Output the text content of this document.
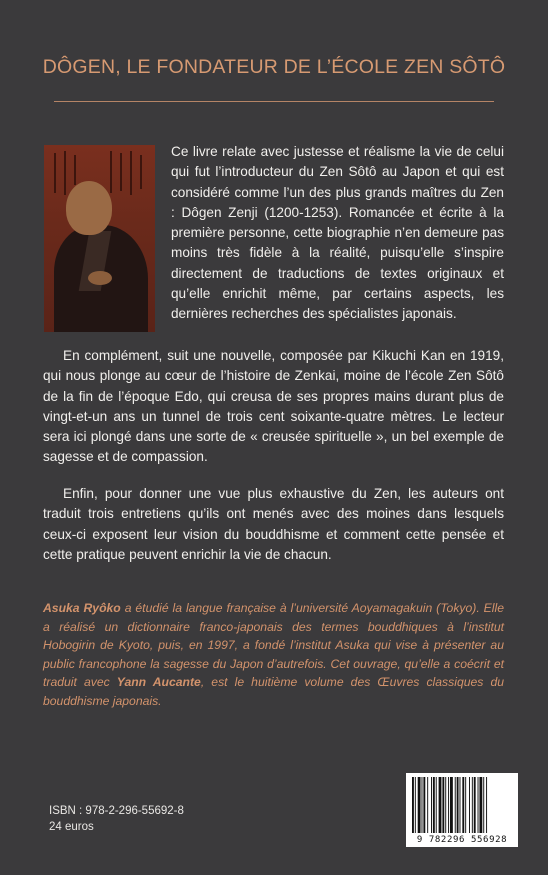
DÔGEN, LE FONDATEUR DE L’ÉCOLE ZEN SÔTÔ
Ce livre relate avec justesse et réalisme la vie de celui qui fut l’introducteur du Zen Sôtô au Japon et qui est considéré comme l’un des plus grands maîtres du Zen : Dôgen Zenji (1200-1253). Romancée et écrite à la première personne, cette biographie n’en demeure pas moins très fidèle à la réalité, puisqu’elle s’inspire directement de traductions de textes originaux et qu’elle enrichit même, par certains aspects, les dernières recherches des spécialistes japonais.
En complément, suit une nouvelle, composée par Kikuchi Kan en 1919, qui nous plonge au cœur de l’histoire de Zenkai, moine de l’école Zen Sôtô de la fin de l’époque Edo, qui creusa de ses propres mains durant plus de vingt-et-un ans un tunnel de trois cent soixante-quatre mètres. Le lecteur sera ici plongé dans une sorte de « creusée spirituelle », un bel exemple de sagesse et de compassion.
Enfin, pour donner une vue plus exhaustive du Zen, les auteurs ont traduit trois entretiens qu’ils ont menés avec des moines dans lesquels ceux-ci exposent leur vision du bouddhisme et comment cette pensée et cette pratique peuvent enrichir la vie de chacun.
Asuka Ryôko a étudié la langue française à l’université Aoyamagakuin (Tokyo). Elle a réalisé un dictionnaire franco-japonais des termes bouddhiques à l’institut Hobogirin de Kyoto, puis, en 1997, a fondé l’institut Asuka qui vise à présenter au public francophone la sagesse du Japon d’autrefois. Cet ouvrage, qu’elle a coécrit et traduit avec Yann Aucante, est le huitième volume des Œuvres classiques du bouddhisme japonais.
ISBN : 978-2-296-55692-8
24 euros
9 782296 556928
